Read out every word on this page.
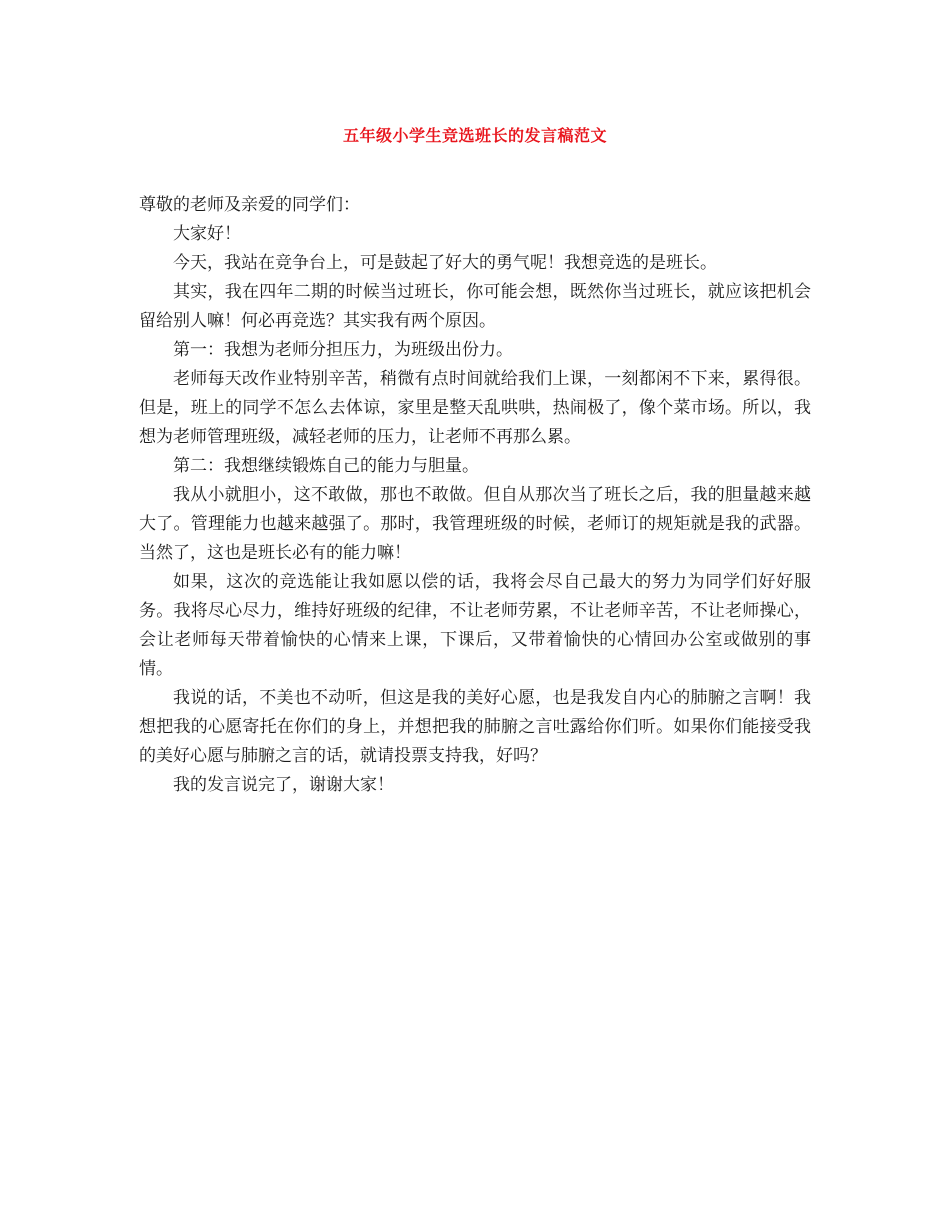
五年级小学生竞选班长的发言稿范文

尊敬的老师及亲爱的同学们：

大家好！

今天，我站在竞争台上，可是鼓起了好大的勇气呢！我想竞选的是班长。

其实，我在四年二期的时候当过班长，你可能会想，既然你当过班长，就应该把机会留给别人嘛！何必再竞选？其实我有两个原因。

第一：我想为老师分担压力，为班级出份力。

老师每天改作业特别辛苦，稍微有点时间就给我们上课，一刻都闲不下来，累得很。但是，班上的同学不怎么去体谅，家里是整天乱哄哄，热闹极了，像个菜市场。所以，我想为老师管理班级，减轻老师的压力，让老师不再那么累。

第二：我想继续锻炼自己的能力与胆量。

我从小就胆小，这不敢做，那也不敢做。但自从那次当了班长之后，我的胆量越来越大了。管理能力也越来越强了。那时，我管理班级的时候，老师订的规矩就是我的武器。当然了，这也是班长必有的能力嘛！

如果，这次的竞选能让我如愿以偿的话，我将会尽自己最大的努力为同学们好好服务。我将尽心尽力，维持好班级的纪律，不让老师劳累，不让老师辛苦，不让老师操心，会让老师每天带着愉快的心情来上课，下课后，又带着愉快的心情回办公室或做别的事情。

我说的话，不美也不动听，但这是我的美好心愿，也是我发自内心的肺腑之言啊！我想把我的心愿寄托在你们的身上，并想把我的肺腑之言吐露给你们听。如果你们能接受我的美好心愿与肺腑之言的话，就请投票支持我，好吗？

我的发言说完了，谢谢大家！
